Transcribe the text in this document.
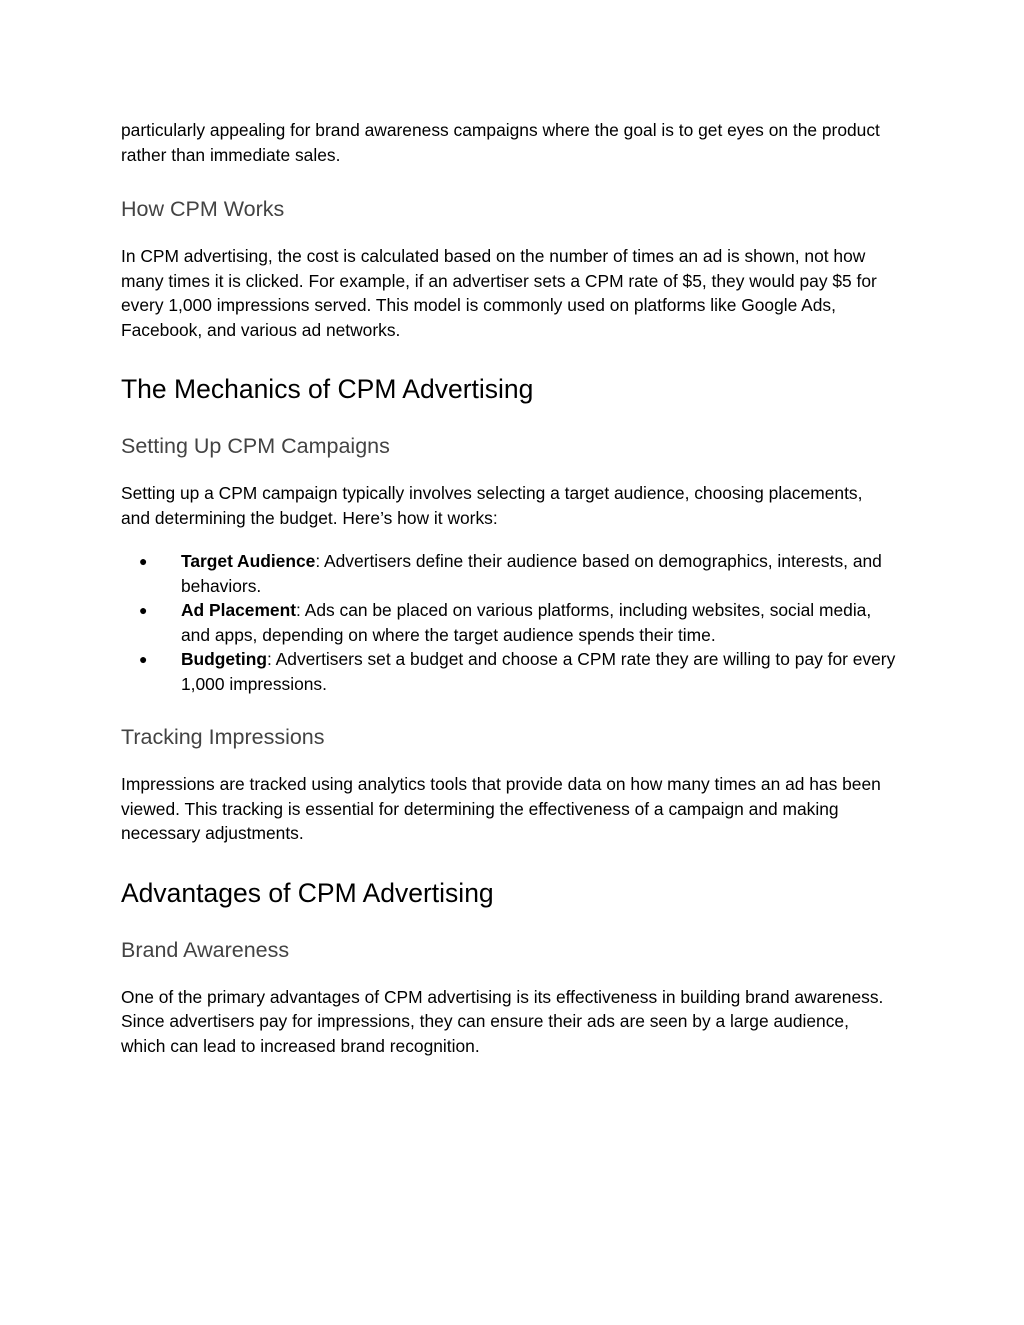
particularly appealing for brand awareness campaigns where the goal is to get eyes on the product rather than immediate sales.

How CPM Works

In CPM advertising, the cost is calculated based on the number of times an ad is shown, not how many times it is clicked. For example, if an advertiser sets a CPM rate of $5, they would pay $5 for every 1,000 impressions served. This model is commonly used on platforms like Google Ads, Facebook, and various ad networks.

The Mechanics of CPM Advertising
Setting Up CPM Campaigns

Setting up a CPM campaign typically involves selecting a target audience, choosing placements, and determining the budget. Here’s how it works:

● Target Audience: Advertisers define their audience based on demographics, interests, and behaviors.
● Ad Placement: Ads can be placed on various platforms, including websites, social media, and apps, depending on where the target audience spends their time.
● Budgeting: Advertisers set a budget and choose a CPM rate they are willing to pay for every 1,000 impressions.
Tracking Impressions

Impressions are tracked using analytics tools that provide data on how many times an ad has been viewed. This tracking is essential for determining the effectiveness of a campaign and making necessary adjustments.

Advantages of CPM Advertising
Brand Awareness

One of the primary advantages of CPM advertising is its effectiveness in building brand awareness. Since advertisers pay for impressions, they can ensure their ads are seen by a large audience, which can lead to increased brand recognition.
